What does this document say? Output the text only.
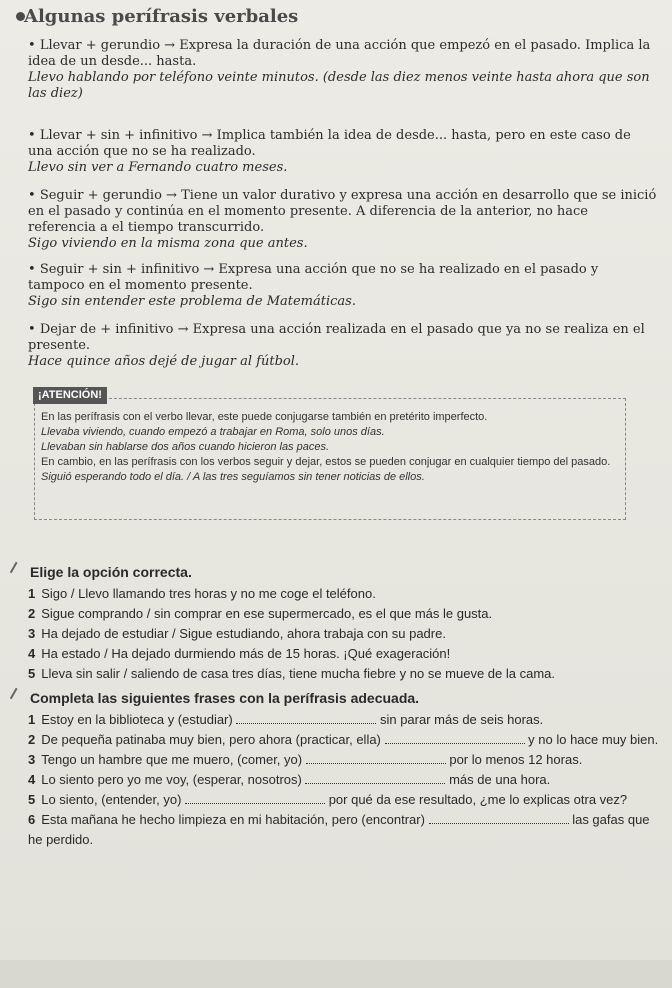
Algunas perífrasis verbales

• Llevar + gerundio → Expresa la duración de una acción que empezó en el pasado. Implica la idea de un desde... hasta.

Llevo hablando por teléfono veinte minutos. (desde las diez menos veinte hasta ahora que son las diez)

• Llevar + sin + infinitivo → Implica también la idea de desde... hasta, pero en este caso de una acción que no se ha realizado.

Llevo sin ver a Fernando cuatro meses.

• Seguir + gerundio → Tiene un valor durativo y expresa una acción en desarrollo que se inició en el pasado y continúa en el momento presente. A diferencia de la anterior, no hace referencia a el tiempo transcurrido.

Sigo viviendo en la misma zona que antes.

• Seguir + sin + infinitivo → Expresa una acción que no se ha realizado en el pasado y tampoco en el momento presente.

Sigo sin entender este problema de Matemáticas.

• Dejar de + infinitivo → Expresa una acción realizada en el pasado que ya no se realiza en el presente.

Hace quince años dejé de jugar al fútbol.

¡ATENCIÓN!

En las perífrasis con el verbo llevar, este puede conjugarse también en pretérito imperfecto.

Llevaba viviendo, cuando empezó a trabajar en Roma, solo unos días.

Llevaban sin hablarse dos años cuando hicieron las paces.

En cambio, en las perífrasis con los verbos seguir y dejar, estos se pueden conjugar en cualquier tiempo del pasado.

Siguió esperando todo el día. / A las tres seguíamos sin tener noticias de ellos.

Elige la opción correcta.
1 Sigo / Llevo llamando tres horas y no me coge el teléfono.
2 Sigue comprando / sin comprar en ese supermercado, es el que más le gusta.
3 Ha dejado de estudiar / Sigue estudiando, ahora trabaja con su padre.
4 Ha estado / Ha dejado durmiendo más de 15 horas. ¡Qué exageración!
5 Lleva sin salir / saliendo de casa tres días, tiene mucha fiebre y no se mueve de la cama.
Completa las siguientes frases con la perífrasis adecuada.
1 Estoy en la biblioteca y (estudiar)	sin parar más de seis horas.
2 De pequeña patinaba muy bien, pero ahora (practicar, ella)	y no lo hace muy bien.
3 Tengo un hambre que me muero, (comer, yo)	por lo menos 12 horas.
4 Lo siento pero yo me voy, (esperar, nosotros)	más de una hora.
5 Lo siento, (entender, yo)	por qué da ese resultado, ¿me lo explicas otra vez?
6 Esta mañana he hecho limpieza en mi habitación, pero (encontrar)	las gafas que he perdido.
